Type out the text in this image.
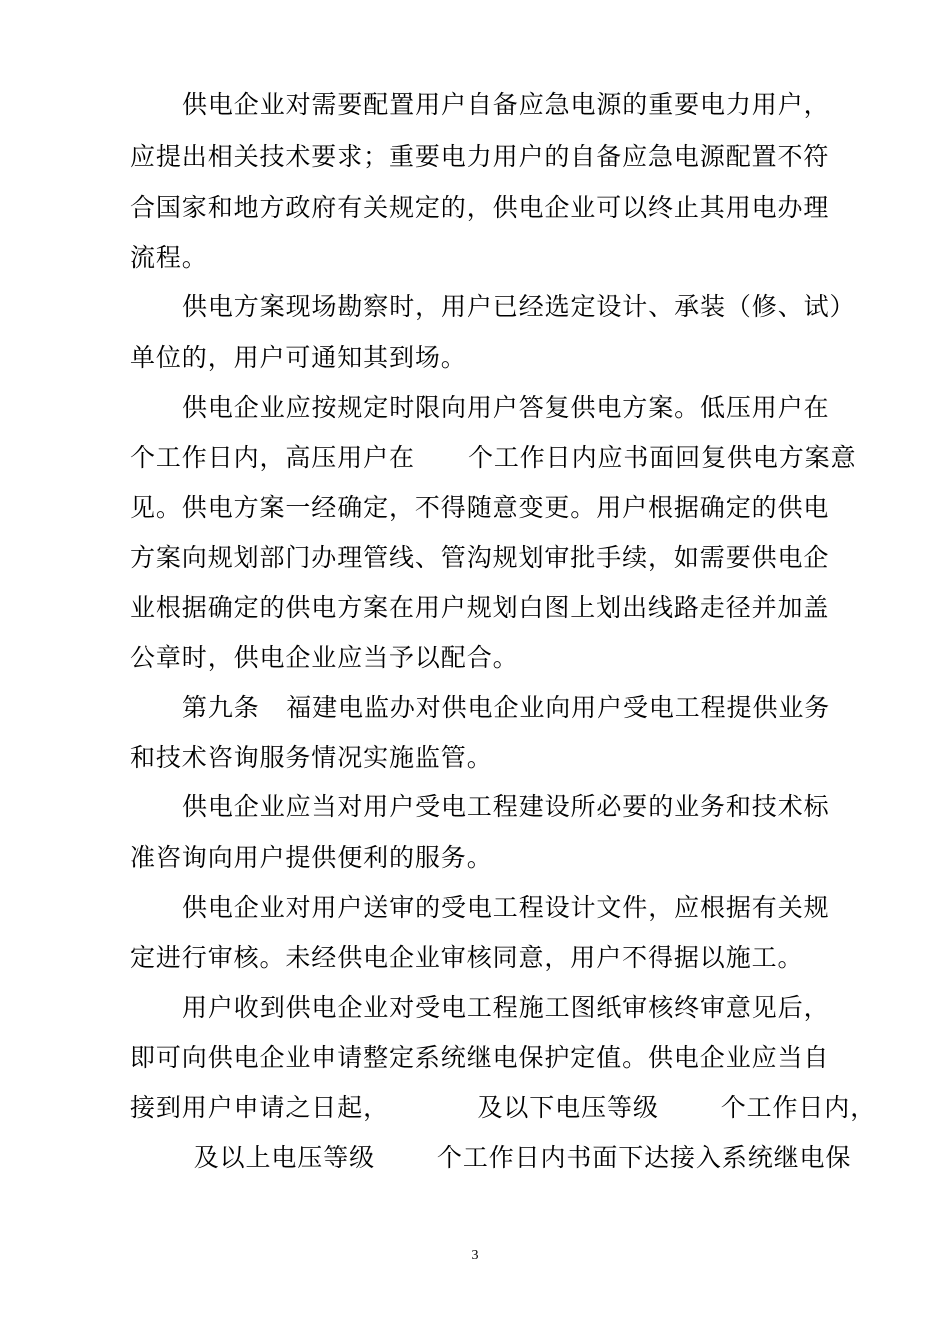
供电企业对需要配置用户自备应急电源的重要电力用户，
应提出相关技术要求；重要电力用户的自备应急电源配置不符
合国家和地方政府有关规定的，供电企业可以终止其用电办理
流程。
供电方案现场勘察时，用户已经选定设计、承装（修、试）
单位的，用户可通知其到场。
供电企业应按规定时限向用户答复供电方案。低压用户在
个工作日内，高压用户在      个工作日内应书面回复供电方案意
见。供电方案一经确定，不得随意变更。用户根据确定的供电
方案向规划部门办理管线、管沟规划审批手续，如需要供电企
业根据确定的供电方案在用户规划白图上划出线路走径并加盖
公章时，供电企业应当予以配合。
第九条   福建电监办对供电企业向用户受电工程提供业务
和技术咨询服务情况实施监管。
供电企业应当对用户受电工程建设所必要的业务和技术标
准咨询向用户提供便利的服务。
供电企业对用户送审的受电工程设计文件，应根据有关规
定进行审核。未经供电企业审核同意，用户不得据以施工。
用户收到供电企业对受电工程施工图纸审核终审意见后，
即可向供电企业申请整定系统继电保护定值。供电企业应当自
接到用户申请之日起，          及以下电压等级       个工作日内，
及以上电压等级       个工作日内书面下达接入系统继电保
3
